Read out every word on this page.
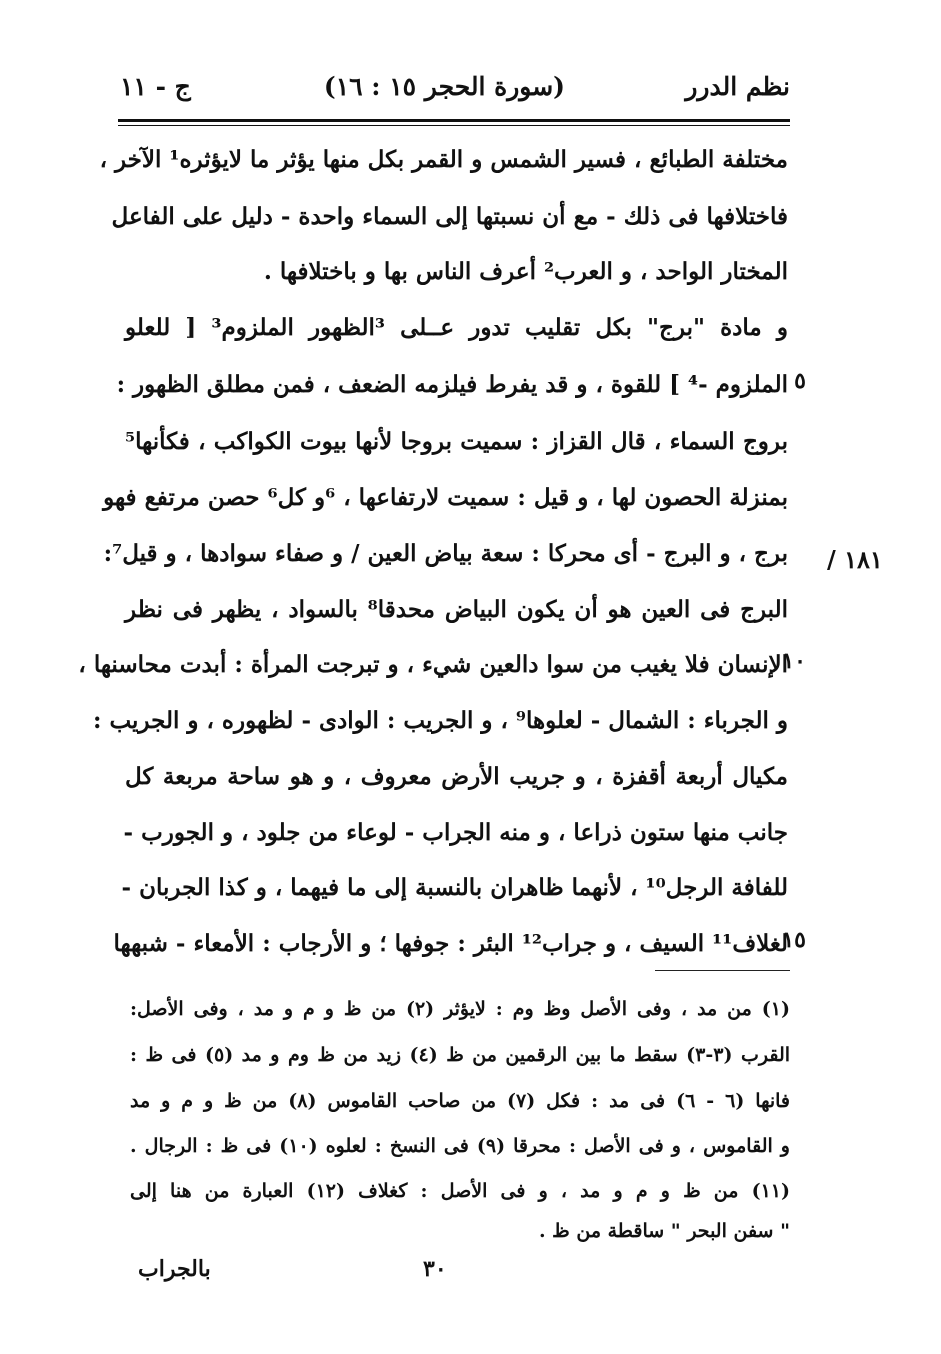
نظم الدرر
(سورة الحجر ١٥ : ١٦)
ج - ١١
١٨١ /
مختلفة الطبائع ، فسير الشمس و القمر بكل منها يؤثر ما لايؤثره¹ الآخر ،
فاختلافها فى ذلك - مع أن نسبتها إلى السماء واحدة - دليل على الفاعل
المختار الواحد ، و العرب² أعرف الناس بها و باختلافها .
و مادة "برج" بكل تقليب تدور عــلى ³الظهور الملزوم³ [ للعلو
الملزوم -⁴ ] للقوة ، و قد يفرط فيلزمه الضعف ، فمن مطلق الظهور : ٥
بروج السماء ، قال القزاز : سميت بروجا لأنها بيوت الكواكب ، فكأنها⁵
بمنزلة الحصون لها ، و قيل : سميت لارتفاعها ، ⁶و كل⁶ حصن مرتفع فهو
برج ، و البرج - أى محركا : سعة بياض العين / و صفاء سوادها ، و قيل⁷:
البرج فى العين هو أن يكون البياض محدقا⁸ بالسواد ، يظهر فى نظر
الإنسان فلا يغيب من سوا دالعين شيء ، و تبرجت المرأة : أبدت محاسنها ،
١٠
و الجرباء : الشمال - لعلوها⁹ ، و الجريب : الوادى - لظهوره ، و الجريب :
مكيال أربعة أقفزة ، و جريب الأرض معروف ، و هو ساحة مربعة كل
جانب منها ستون ذراعا ، و منه الجراب - لوعاء من جلود ، و الجورب -
للفافة الرجل¹⁰ ، لأنهما ظاهران بالنسبة إلى ما فيهما ، و كذا الجربان -
لغلاف¹¹ السيف ، و جراب¹² البئر : جوفها ؛ و الأرجاب : الأمعاء - شبهها
١٥
(١) من مد ، وفى الأصل وظ وم : لايؤثر (٢) من ظ و م و مد ، وفى الأصل:
القرب (٣-٣) سقط ما بين الرقمين من ظ (٤) زيد من ظ وم و مد (٥) فى ظ :
فانها (٦ - ٦) فى مد : فكل (٧) من صاحب القاموس (٨) من ظ و م و مد
و القاموس ، و فى الأصل : محرقا (٩) فى النسخ : لعلوه (١٠) فى ظ : الرجال .
(١١) من ظ و م و مد ، و فى الأصل : كغلاف (١٢) العبارة من هنا إلى
" سفن البحر " ساقطة من ظ .
٣٠
بالجراب
